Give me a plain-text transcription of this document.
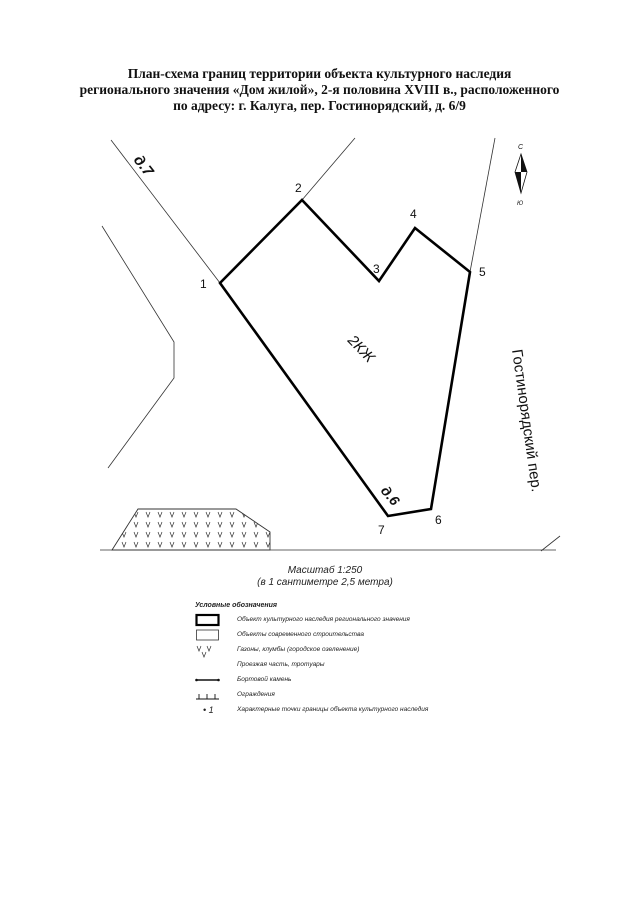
План-схема границ территории объекта культурного наследия
регионального значения «Дом жилой», 2-я половина XVIII в., расположенного
по адресу: г. Калуга, пер. Гостинорядский, д. 6/9
1
2
3
4
5
6
7
д.7
д.6
2КЖ	Гостинорядский пер.
С
Ю
Масштаб 1:250
(в 1 сантиметре 2,5 метра)
Условные обозначения
Объект культурного наследия регионального значения
Объекты современного строительства
Газоны, клумбы (городское озеленение)
Проезжая часть, тротуары
Бортовой камень
Ограждения
• 1	Характерные точки границы объекта культурного наследия
